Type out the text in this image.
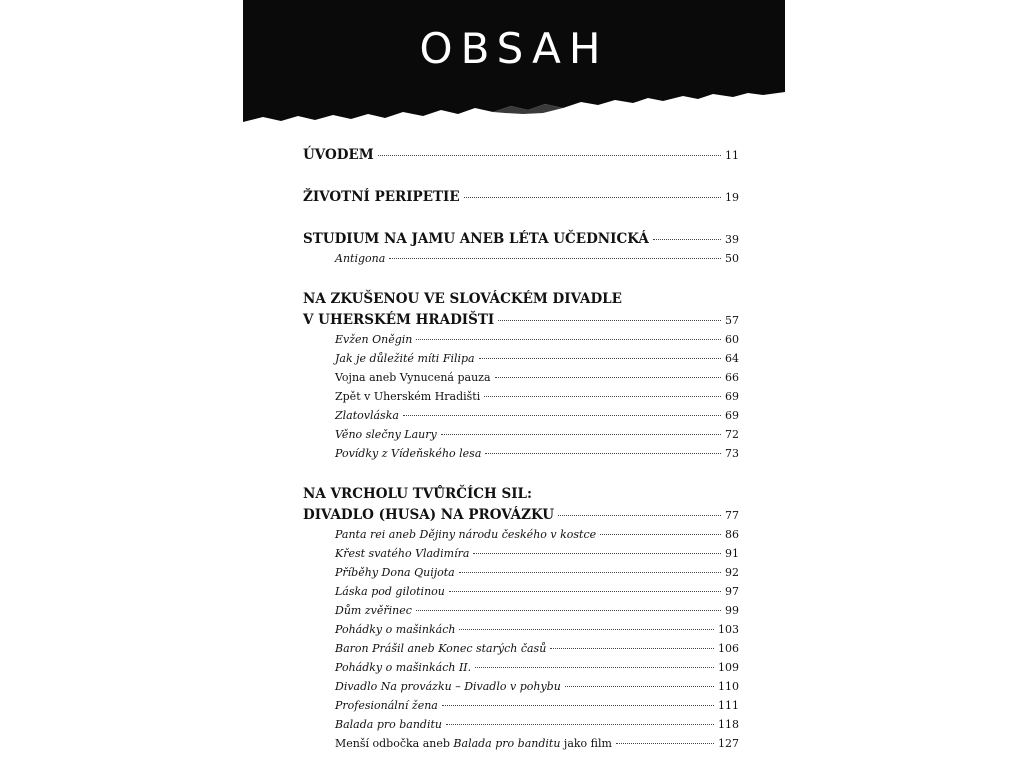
OBSAH
ÚVODEM	11
ŽIVOTNÍ PERIPETIE	19
STUDIUM NA JAMU ANEB LÉTA UČEDNICKÁ	39
Antigona	50
NA ZKUŠENOU VE SLOVÁCKÉM DIVADLE
V UHERSKÉM HRADIŠTI	57
Evžen Oněgin	60
Jak je důležité míti Filipa	64
Vojna aneb Vynucená pauza	66
Zpět v Uherském Hradišti	69
Zlatovláska	69
Věno slečny Laury	72
Povídky z Vídeňského lesa	73
NA VRCHOLU TVŮRČÍCH SIL:
DIVADLO (HUSA) NA PROVÁZKU	77
Panta rei aneb Dějiny národu českého v kostce	86
Křest svatého Vladimíra	91
Příběhy Dona Quijota	92
Láska pod gilotinou	97
Dům zvěřinec	99
Pohádky o mašinkách	103
Baron Prášil aneb Konec starých časů	106
Pohádky o mašinkách II.	109
Divadlo Na provázku – Divadlo v pohybu	110
Profesionální žena	111
Balada pro banditu	118
Menší odbočka aneb Balada pro banditu jako film	127
